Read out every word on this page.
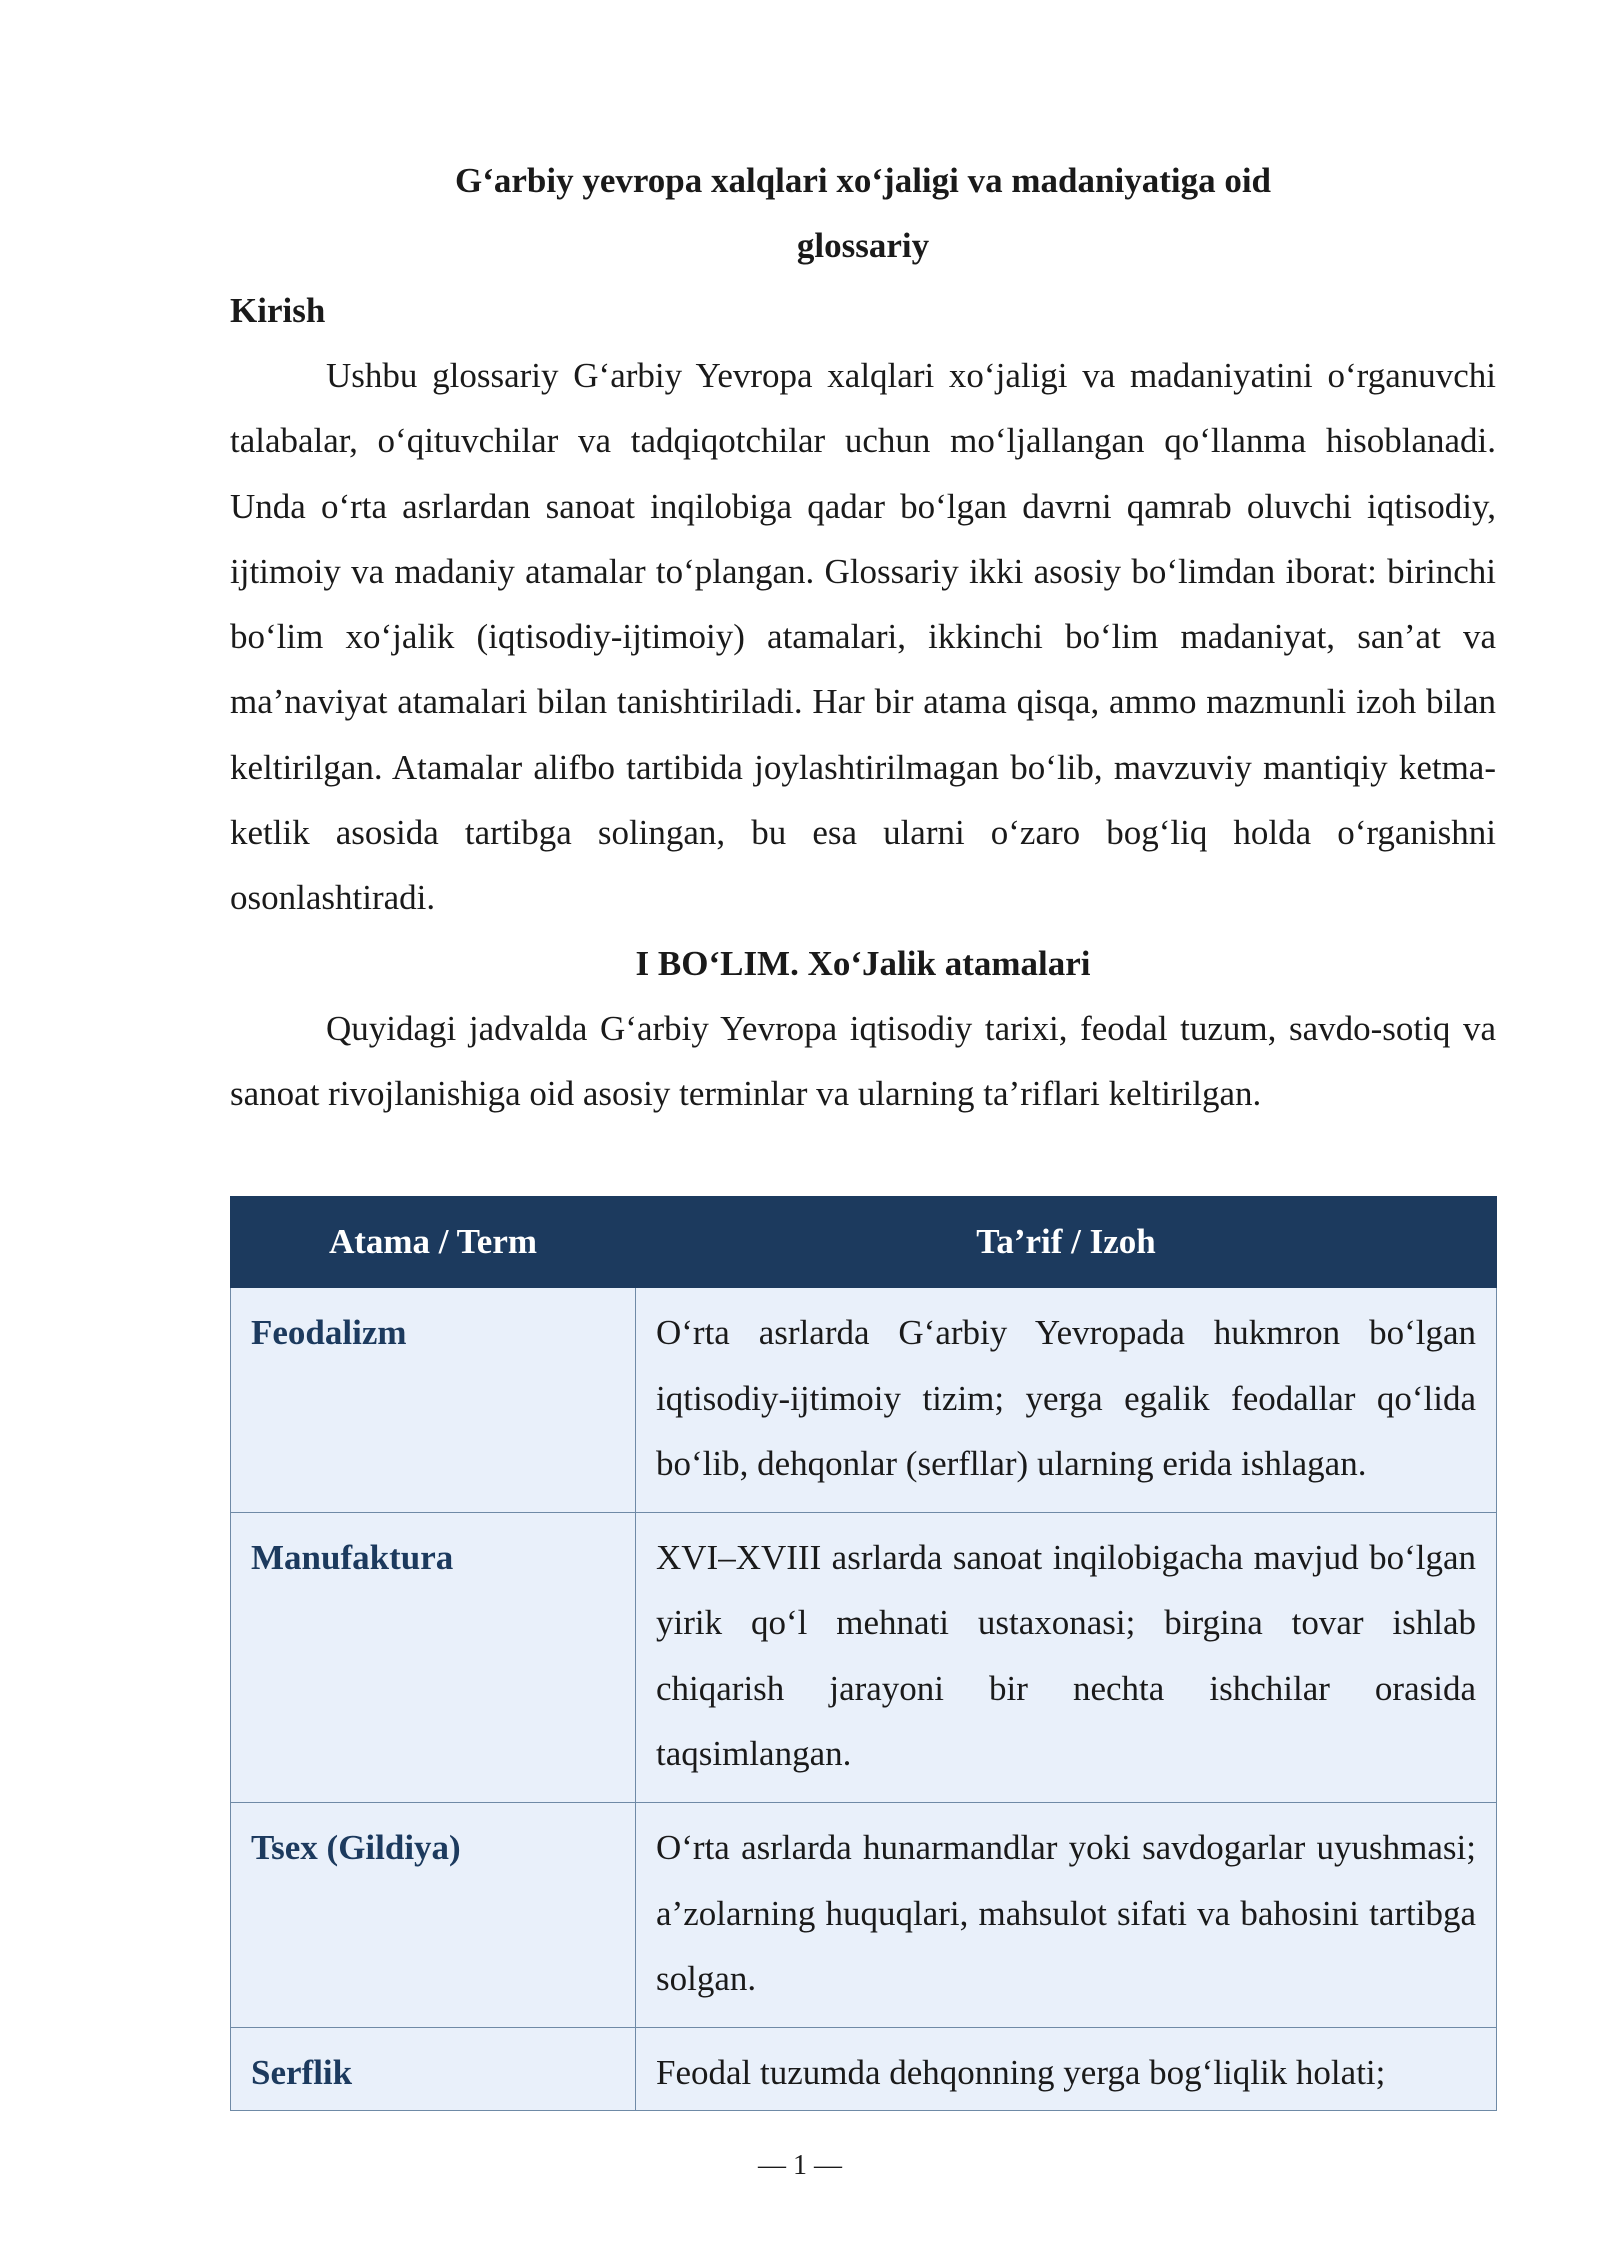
G‘arbiy yevropa xalqlari xo‘jaligi va madaniyatiga oid

glossariy

Kirish

Ushbu glossariy G‘arbiy Yevropa xalqlari xo‘jaligi va madaniyatini o‘rganuvchi talabalar, o‘qituvchilar va tadqiqotchilar uchun mo‘ljallangan qo‘llanma hisoblanadi. Unda o‘rta asrlardan sanoat inqilobiga qadar bo‘lgan davrni qamrab oluvchi iqtisodiy, ijtimoiy va madaniy atamalar to‘plangan. Glossariy ikki asosiy bo‘limdan iborat: birinchi bo‘lim xo‘jalik (iqtisodiy-ijtimoiy) atamalari, ikkinchi bo‘lim madaniyat, san’at va ma’naviyat atamalari bilan tanishtiriladi. Har bir atama qisqa, ammo mazmunli izoh bilan keltirilgan. Atamalar alifbo tartibida joylashtirilmagan bo‘lib, mavzuviy mantiqiy ketma-ketlik asosida tartibga solingan, bu esa ularni o‘zaro bog‘liq holda o‘rganishni osonlashtiradi.

I BO‘LIM. Xo‘Jalik atamalari

Quyidagi jadvalda G‘arbiy Yevropa iqtisodiy tarixi, feodal tuzum, savdo-sotiq va sanoat rivojlanishiga oid asosiy terminlar va ularning ta’riflari keltirilgan.

Atama / Term	Ta’rif / Izoh
Feodalizm	O‘rta asrlarda G‘arbiy Yevropada hukmron bo‘lgan iqtisodiy-ijtimoiy tizim; yerga egalik feodallar qo‘lida bo‘lib, dehqonlar (serfllar) ularning erida ishlagan.
Manufaktura	XVI–XVIII asrlarda sanoat inqilobigacha mavjud bo‘lgan yirik qo‘l mehnati ustaxonasi; birgina tovar ishlab chiqarish jarayoni bir nechta ishchilar orasida taqsimlangan.
Tsex (Gildiya)	O‘rta asrlarda hunarmandlar yoki savdogarlar uyushmasi; a’zolarning huquqlari, mahsulot sifati va bahosini tartibga solgan.
Serflik	Feodal tuzumda dehqonning yerga bog‘liqlik holati;
— 1 —
